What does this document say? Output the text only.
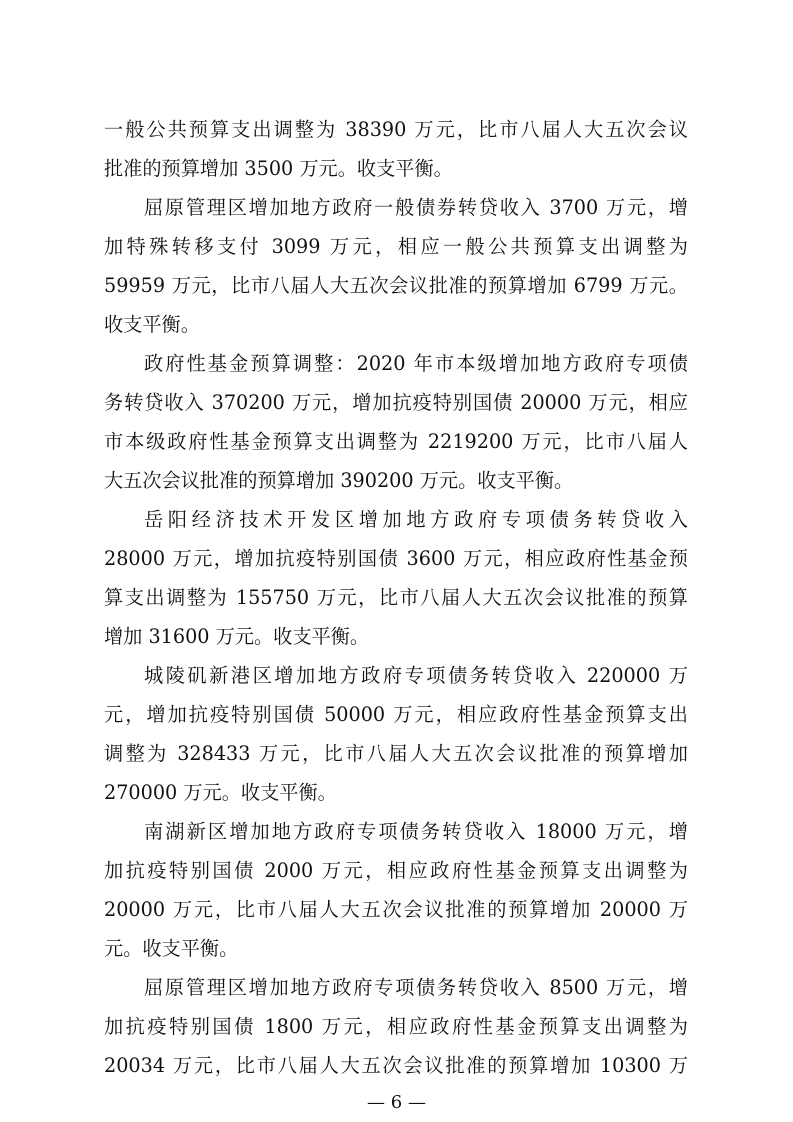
一般公共预算支出调整为 38390 万元，比市八届人大五次会议
批准的预算增加 3500 万元。收支平衡。
屈原管理区增加地方政府一般债券转贷收入 3700 万元，增
加特殊转移支付 3099 万元，相应一般公共预算支出调整为
59959 万元，比市八届人大五次会议批准的预算增加 6799 万元。
收支平衡。
政府性基金预算调整：2020 年市本级增加地方政府专项债
务转贷收入 370200 万元，增加抗疫特别国债 20000 万元，相应
市本级政府性基金预算支出调整为 2219200 万元，比市八届人
大五次会议批准的预算增加 390200 万元。收支平衡。
岳阳经济技术开发区增加地方政府专项债务转贷收入
28000 万元，增加抗疫特别国债 3600 万元，相应政府性基金预
算支出调整为 155750 万元，比市八届人大五次会议批准的预算
增加 31600 万元。收支平衡。
城陵矶新港区增加地方政府专项债务转贷收入 220000 万
元，增加抗疫特别国债 50000 万元，相应政府性基金预算支出
调整为 328433 万元，比市八届人大五次会议批准的预算增加
270000 万元。收支平衡。
南湖新区增加地方政府专项债务转贷收入 18000 万元，增
加抗疫特别国债 2000 万元，相应政府性基金预算支出调整为
20000 万元，比市八届人大五次会议批准的预算增加 20000 万
元。收支平衡。
屈原管理区增加地方政府专项债务转贷收入 8500 万元，增
加抗疫特别国债 1800 万元，相应政府性基金预算支出调整为
20034 万元，比市八届人大五次会议批准的预算增加 10300 万
— 6 —
